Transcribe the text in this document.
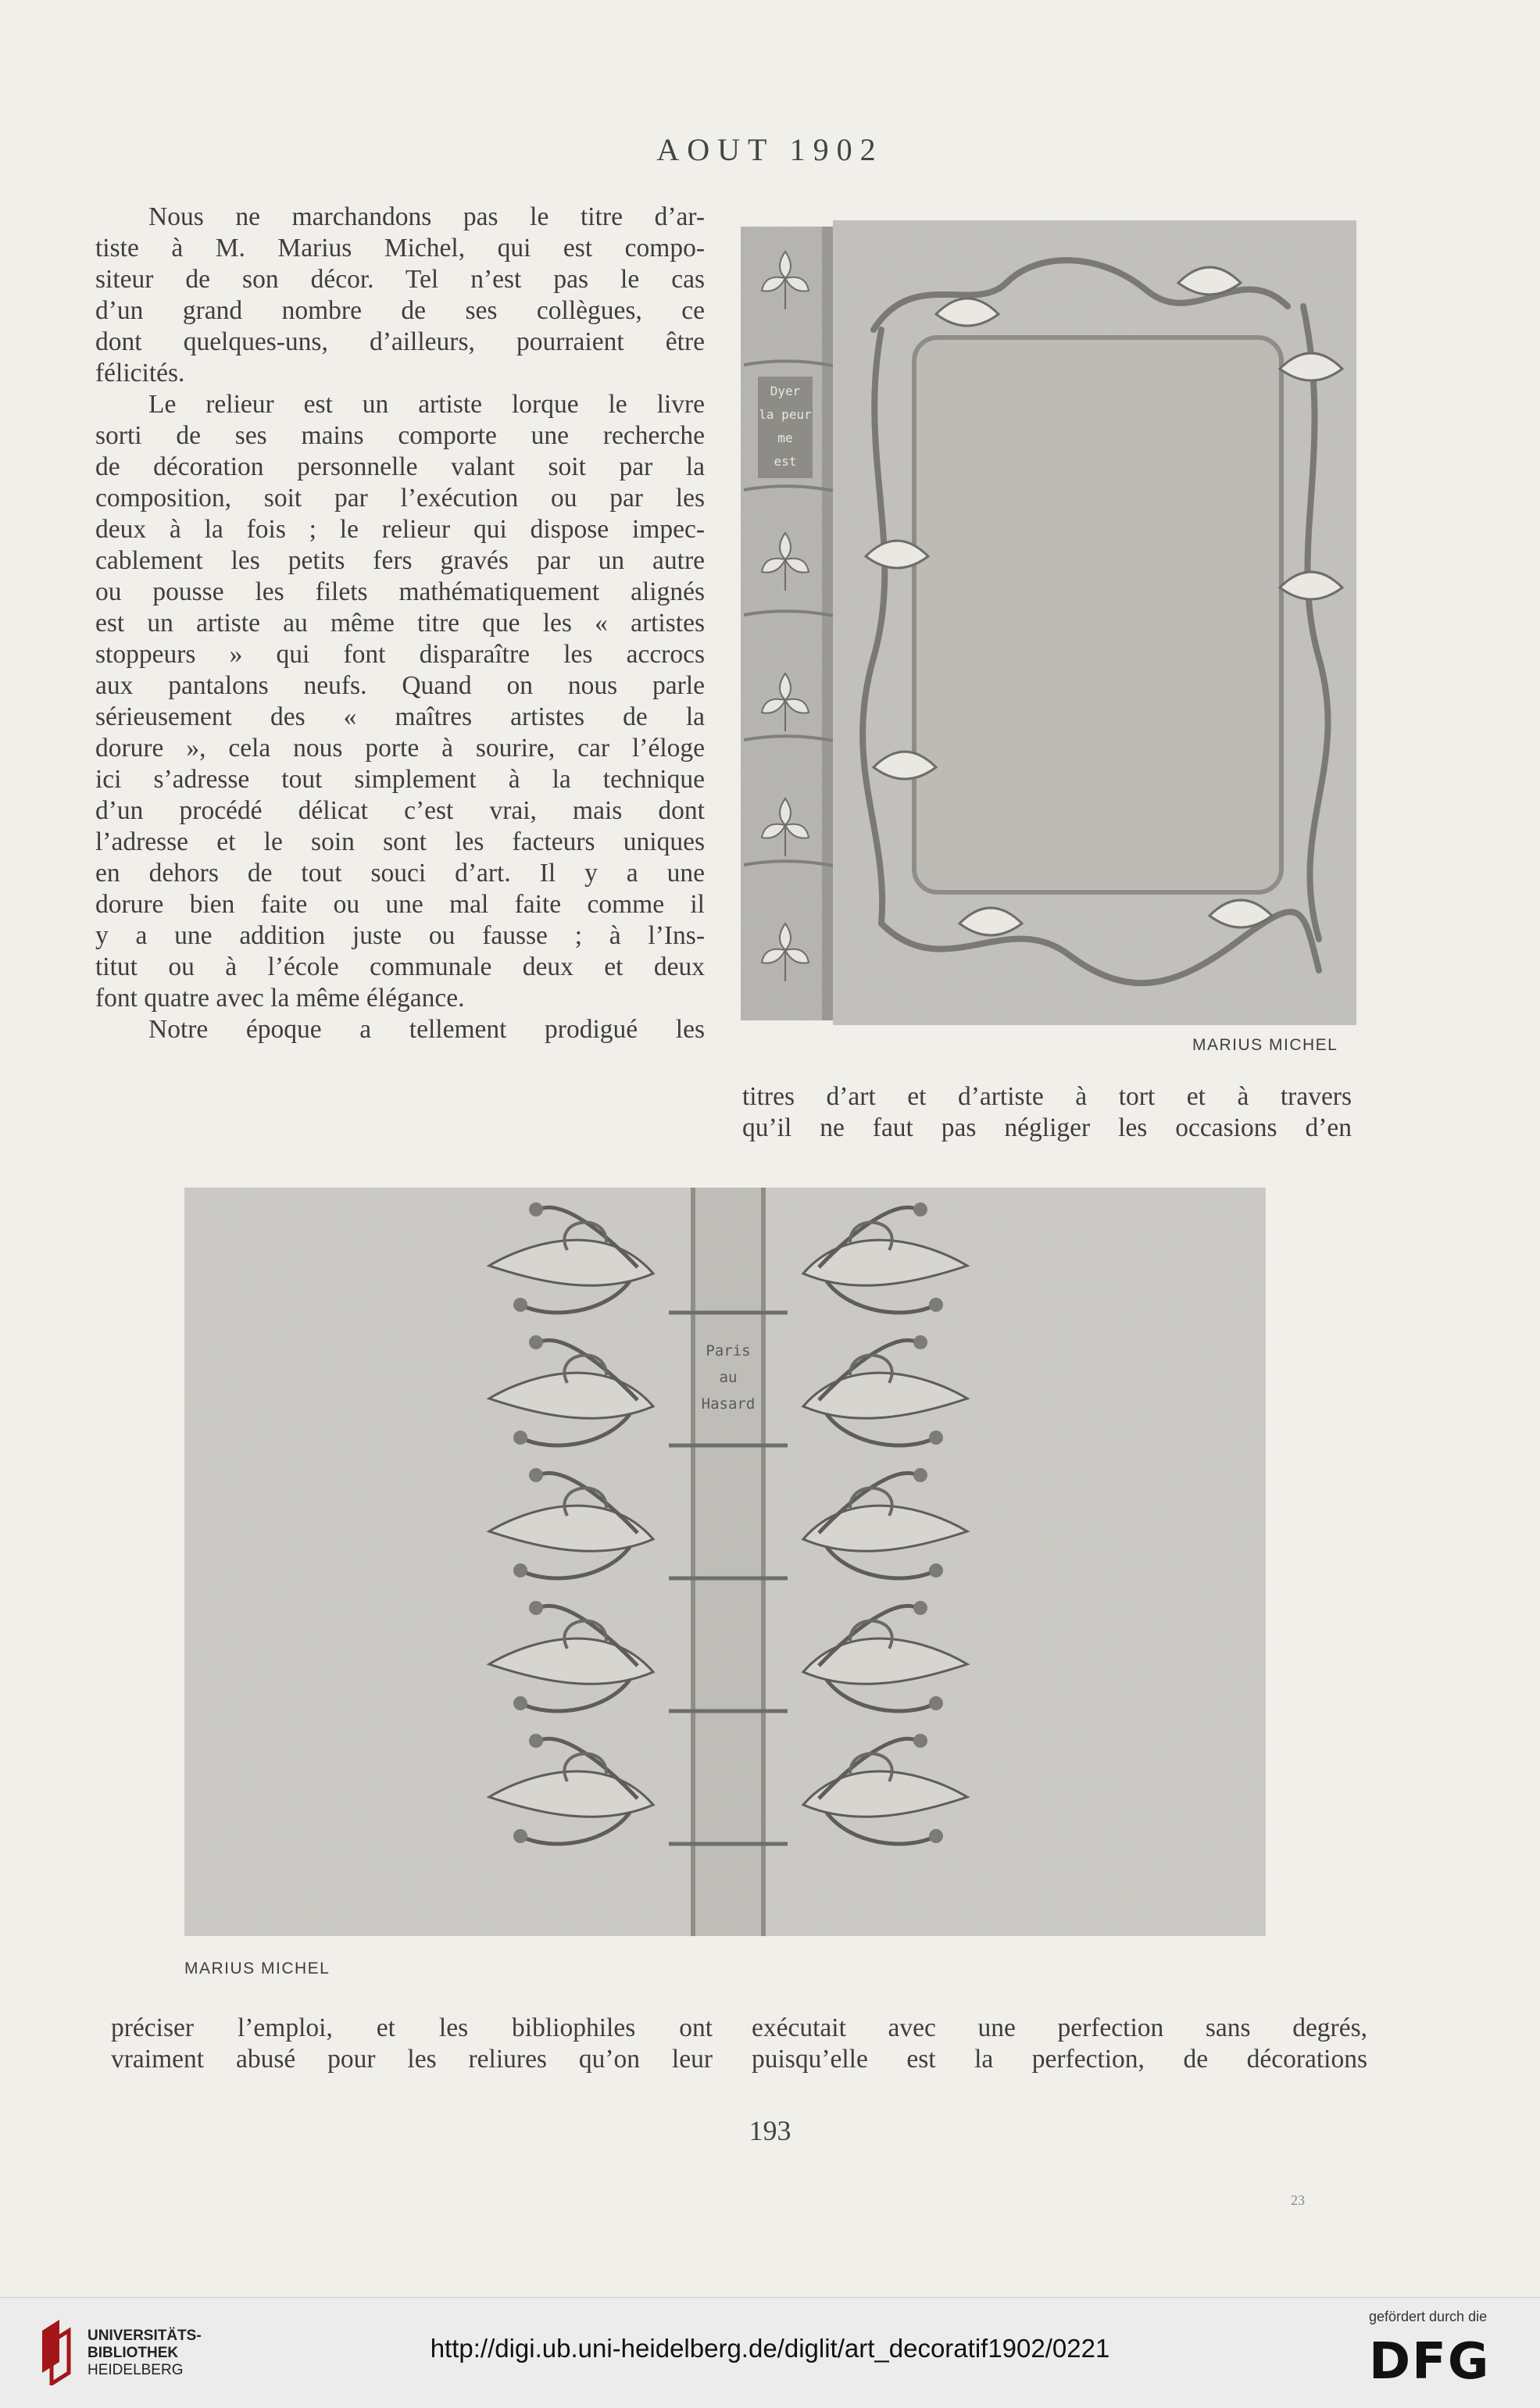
AOUT 1902
Nous ne marchandons pas le titre d’ar-
tiste à M. Marius Michel, qui est compo-
siteur de son décor. Tel n’est pas le cas
d’un grand nombre de ses collègues, ce
dont quelques-uns, d’ailleurs, pourraient être
félicités.
Le relieur est un artiste lorque le livre
sorti de ses mains comporte une recherche
de décoration personnelle valant soit par la
composition, soit par l’exécution ou par les
deux à la fois ; le relieur qui dispose impec-
cablement les petits fers gravés par un autre
ou pousse les filets mathématiquement alignés
est un artiste au même titre que les « artistes
stoppeurs » qui font disparaître les accrocs
aux pantalons neufs. Quand on nous parle
sérieusement des « maîtres artistes de la
dorure », cela nous porte à sourire, car l’éloge
ici s’adresse tout simplement à la technique
d’un procédé délicat c’est vrai, mais dont
l’adresse et le soin sont les facteurs uniques
en dehors de tout souci d’art. Il y a une
dorure bien faite ou une mal faite comme il
y a une addition juste ou fausse ; à l’Ins-
titut ou à l’école communale deux et deux
font quatre avec la même élégance.
Notre époque a tellement prodigué les
Dyer
la peur
me
est
MARIUS MICHEL
titres d’art et d’artiste à tort et à travers
qu’il ne faut pas négliger les occasions d’en
Paris
au
Hasard
MARIUS MICHEL
préciser l’emploi, et les bibliophiles ont
vraiment abusé pour les reliures qu’on leur
exécutait avec une perfection sans degrés,
puisqu’elle est la perfection, de décorations
193
23
UNIVERSITÄTS-
BIBLIOTHEK
HEIDELBERG
http://digi.ub.uni-heidelberg.de/diglit/art_decoratif1902/0221
gefördert durch die
DFG
